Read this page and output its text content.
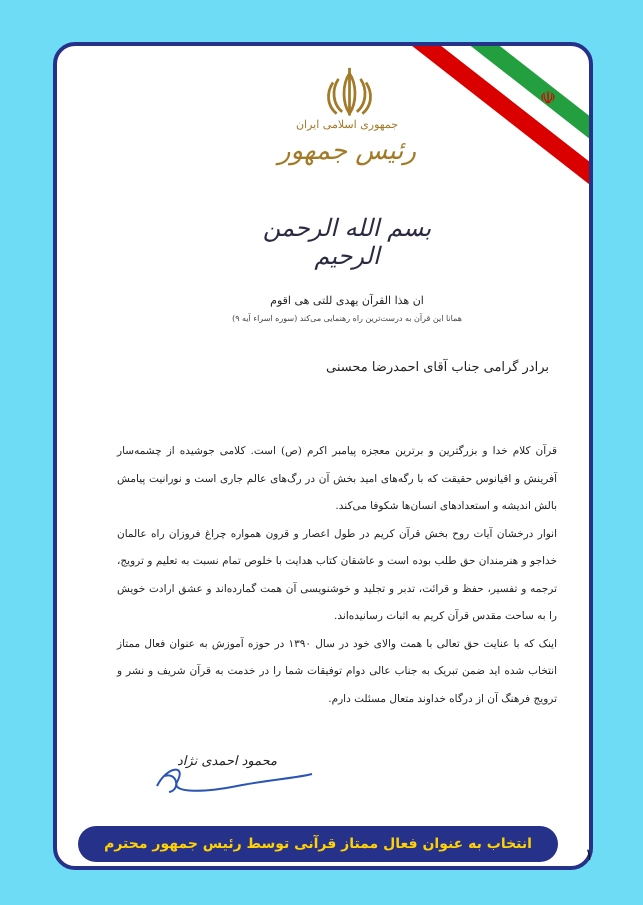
☫
جمهوری اسلامی ایران
رئیس جمهور
بسم الله الرحمن الرحیم
ان هذا القرآن یهدی للتی هی اقوم
همانا این قرآن به درست‌ترین راه رهنمایی می‌کند (سوره اسراء آیه ۹)
برادر گرامی جناب آقای احمدرضا محسنی

قرآن کلام خدا و بزرگترین و برترین معجزه پیامبر اکرم (ص) است. کلامی جوشیده از چشمه‌سار آفرینش و اقیانوس حقیقت که با رگه‌های امید بخش آن در رگ‌های عالم جاری است و نورانیت پیامش بالش اندیشه و استعدادهای انسان‌ها شکوفا می‌کند.

انوار درخشان آیات روح بخش قرآن کریم در طول اعصار و قرون همواره چراغ فروزان راه عالمان خداجو و هنرمندان حق طلب بوده است و عاشقان کتاب هدایت با خلوص تمام نسبت به تعلیم و ترویج، ترجمه و تفسیر، حفظ و قرائت، تدبر و تجلید و خوشنویسی آن همت گمارده‌اند و عشق ارادت خویش را به ساحت مقدس قرآن کریم به اثبات رسانیده‌اند.

اینک که با عنایت حق تعالی با همت والای خود در سال ۱۳۹۰ در حوزه آموزش به عنوان فعال ممتاز انتخاب شده اید ضمن تبریک به جناب عالی دوام توفیقات شما را در خدمت به قرآن شریف و نشر و ترویج فرهنگ آن از درگاه خداوند متعال مسئلت دارم.

محمود احمدی نژاد
انتخاب به عنوان فعال ممتاز قرآنی توسط رئیس جمهور محترم
۱
